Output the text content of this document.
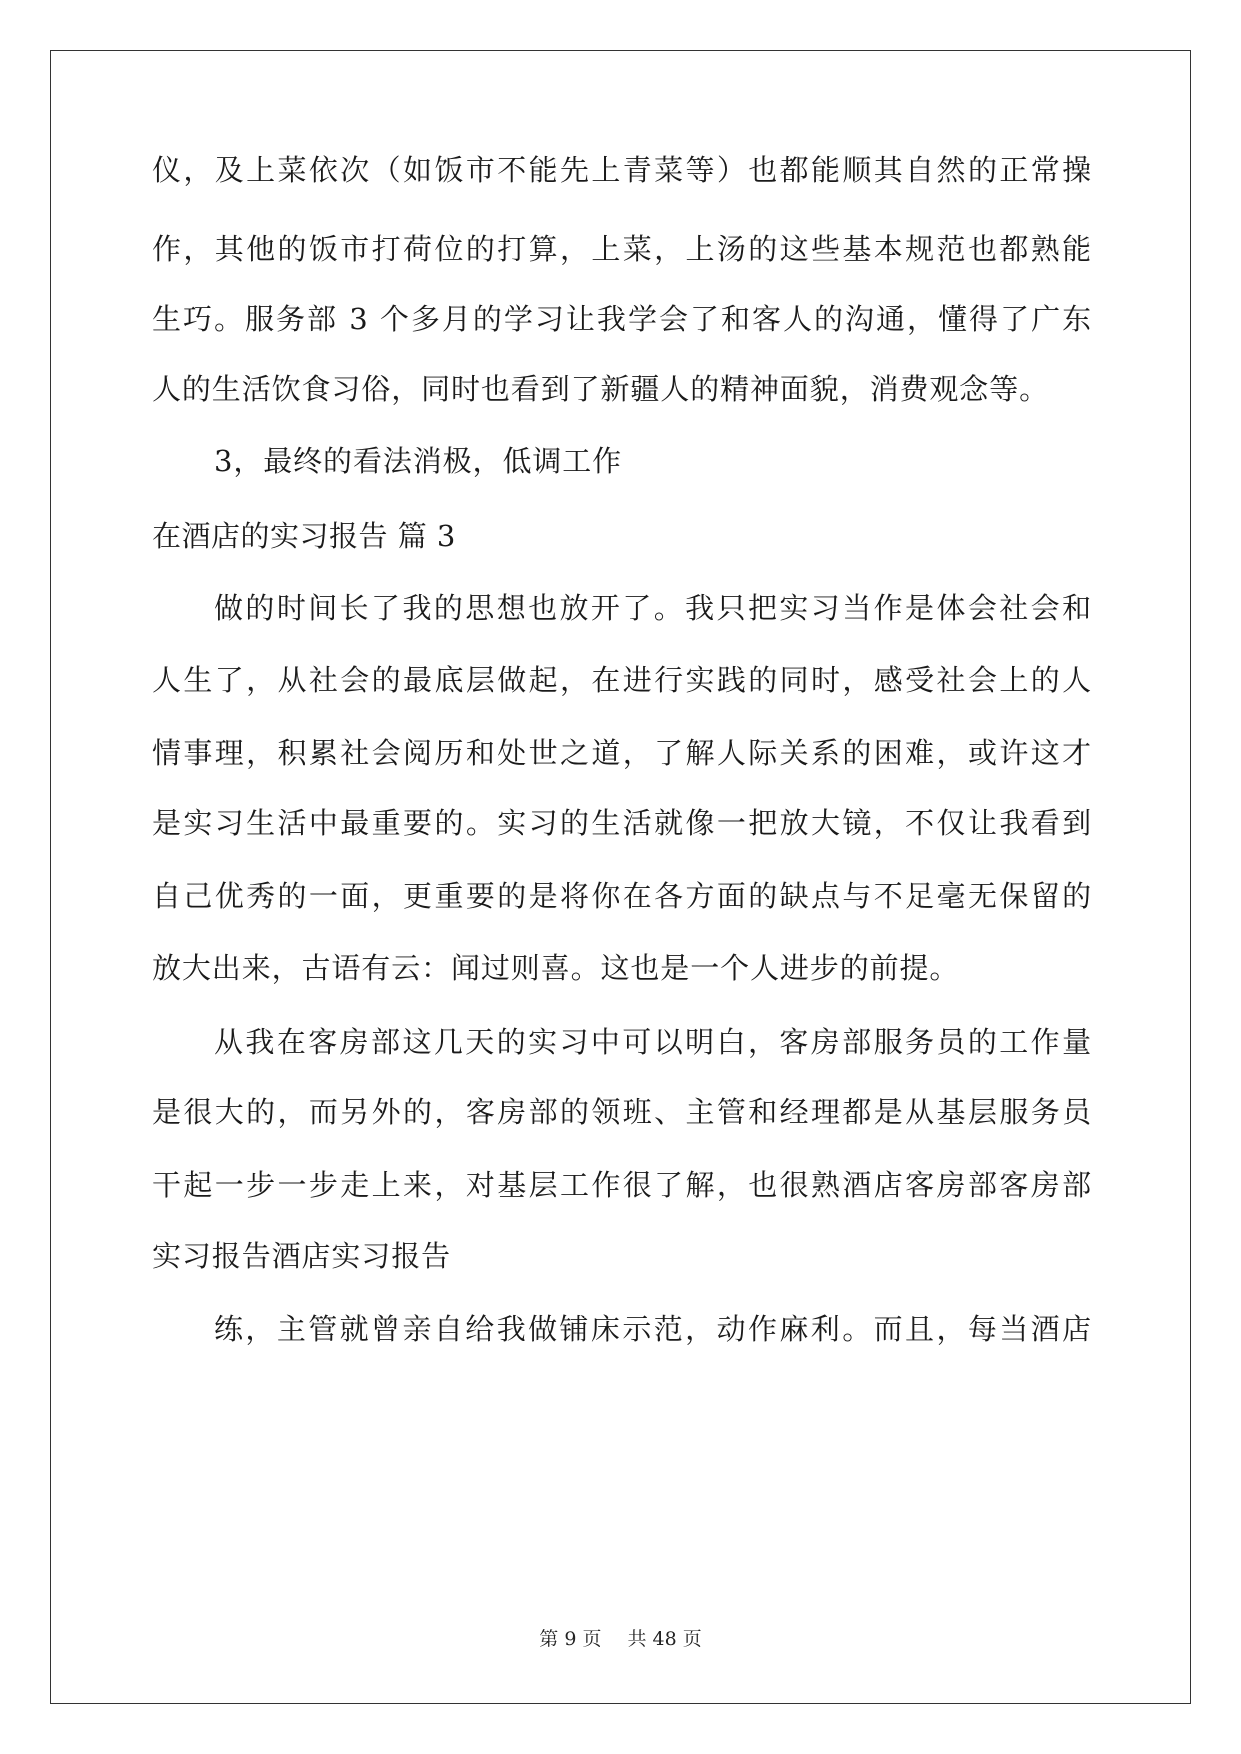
仪，及上菜依次（如饭市不能先上青菜等）也都能顺其自然的正常操
作，其他的饭市打荷位的打算，上菜，上汤的这些基本规范也都熟能
生巧。服务部 3 个多月的学习让我学会了和客人的沟通，懂得了广东
人的生活饮食习俗，同时也看到了新疆人的精神面貌，消费观念等。
3，最终的看法消极，低调工作
在酒店的实习报告 篇 3
做的时间长了我的思想也放开了。我只把实习当作是体会社会和
人生了，从社会的最底层做起，在进行实践的同时，感受社会上的人
情事理，积累社会阅历和处世之道，了解人际关系的困难，或许这才
是实习生活中最重要的。实习的生活就像一把放大镜，不仅让我看到
自己优秀的一面，更重要的是将你在各方面的缺点与不足毫无保留的
放大出来，古语有云：闻过则喜。这也是一个人进步的前提。
从我在客房部这几天的实习中可以明白，客房部服务员的工作量
是很大的，而另外的，客房部的领班、主管和经理都是从基层服务员
干起一步一步走上来，对基层工作很了解，也很熟酒店客房部客房部
实习报告酒店实习报告
练，主管就曾亲自给我做铺床示范，动作麻利。而且，每当酒店
第 9 页 共 48 页
